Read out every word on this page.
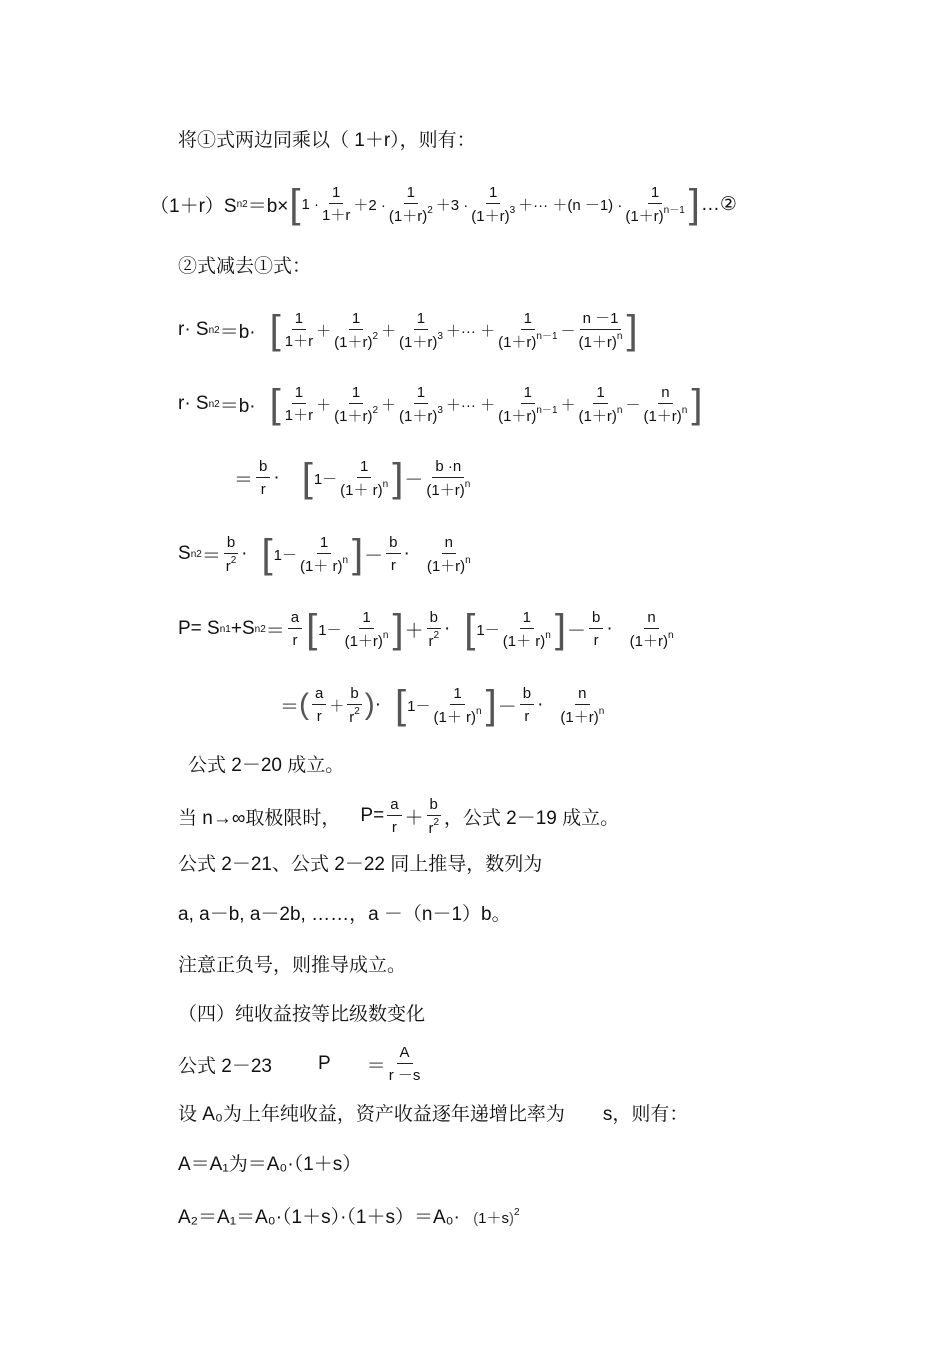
将①式两边同乘以（ 1＋r），则有：
（1＋r）S n2 ＝b× [ $1 \cdot \frac{1}{1+r} +2 \cdot \frac{1}{(1+r)^2} +3 \cdot \frac{1}{(1+r)^3}$ ＋··· $+(n -1) \cdot \frac{1}{(1+r)^{n-1}}$ ] …②
②式减去①式：
r· S n2 ＝b· [ $\frac{1}{1+r} + \frac{1}{(1+r)^2} + \frac{1}{(1+r)^3}$ ＋··· ＋ $\frac{1}{(1+r)^{n-1}} - \frac{n -1}{(1+r)^n}$ ]
r· S n2 ＝b· [ $\frac{1}{1+r} + \frac{1}{(1+r)^2} + \frac{1}{(1+r)^3}$ ＋··· ＋ $\frac{1}{(1+r)^{n-1}} + \frac{1}{(1+r)^n} - \frac{n}{(1+r)^n}$ ]
＝ $\frac{b}{r}$ · [ $1- \frac{1}{(1+ r)^n}$ ] － $\frac{b \cdot n}{(1+r)^n}$
S $n2 = \frac{b}{r^2}$ · [ $1- \frac{1}{(1+ r)^n}$ ] － $\frac{b}{r} \cdot \frac{n}{(1+r)^n}$
P= S n1 +S $n2 = \frac{a}{r}$ [ $1- \frac{1}{(1+r)^n}$ ] ＋ $\frac{b}{r^2}$ · [ $1- \frac{1}{(1+ r)^n}$ ] － $\frac{b}{r} \cdot \frac{n}{(1+r)^n}$
＝ ( $\frac{a}{r} + \frac{b}{r^2}$ ) · [ $1- \frac{1}{(1+ r)^n}$ ] － $\frac{b}{r} \cdot \frac{n}{(1+r)^n}$
公式 2－20 成立。
当 n→∞取极限时， $P= \frac{a}{r} + \frac{b}{r^2}$ ，公式 2－19 成立。
公式 2－21、公式 2－22 同上推导，数列为
a, a－b, a－2b, ……，a －（n－1）b。
注意正负号，则推导成立。
（四）纯收益按等比级数变化
公式 2－23 $P = \frac{A}{r -s}$
设 A₀为上年纯收益，资产收益逐年递增比率为　　s，则有：
A＝A₁为＝A₀·（1＋s）
$A_2=A_1=A_0\cdot(1+s)\cdot(1+s)=A_0\cdot (1+s)^2$
